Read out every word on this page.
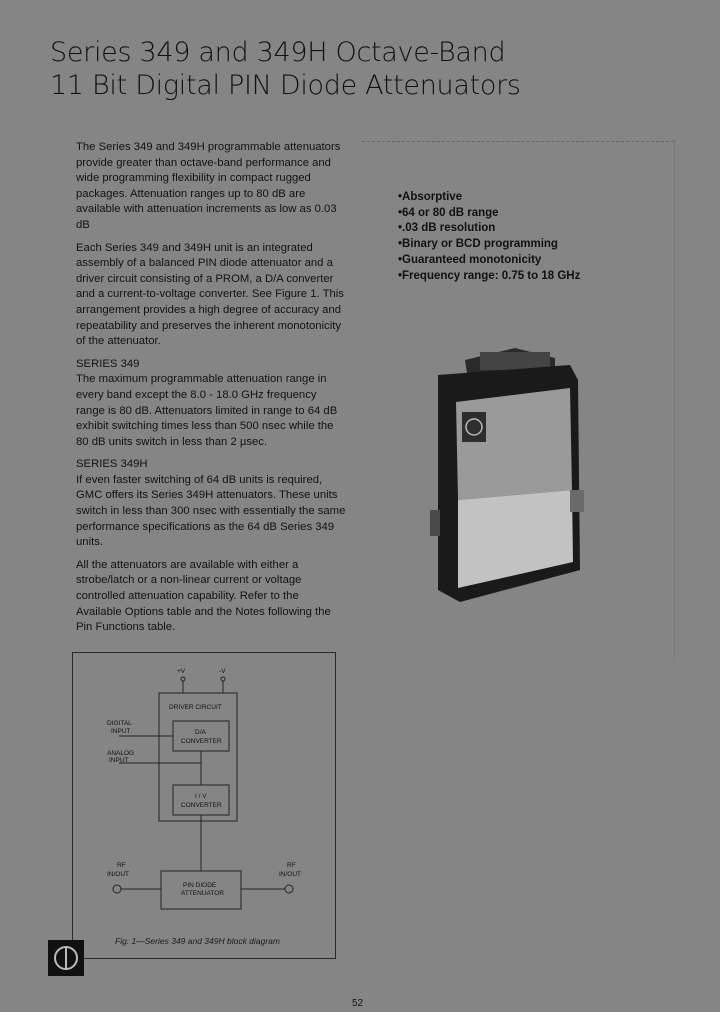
Series 349 and 349H Octave-Band
11 Bit Digital PIN Diode Attenuators

The Series 349 and 349H programmable attenuators provide greater than octave-band performance and wide programming flexibility in compact rugged packages. Attenuation ranges up to 80 dB are available with attenuation increments as low as 0.03 dB

Each Series 349 and 349H unit is an integrated assembly of a balanced PIN diode attenuator and a driver circuit consisting of a PROM, a D/A converter and a current-to-voltage converter. See Figure 1. This arrangement provides a high degree of accuracy and repeatability and preserves the inherent monotonicity of the attenuator.

SERIES 349

The maximum programmable attenuation range in every band except the 8.0 - 18.0 GHz frequency range is 80 dB. Attenuators limited in range to 64 dB exhibit switching times less than 500 nsec while the 80 dB units switch in less than 2 µsec.

SERIES 349H

If even faster switching of 64 dB units is required, GMC offers its Series 349H attenuators. These units switch in less than 300 nsec with essentially the same performance specifications as the 64 dB Series 349 units.

All the attenuators are available with either a strobe/latch or a non-linear current or voltage controlled attenuation capability. Refer to the Available Options table and the Notes following the Pin Functions table.

• Absorptive
• 64 or 80 dB range
• .03 dB resolution
• Binary or BCD programming
• Guaranteed monotonicity
• Frequency range: 0.75 to 18 GHz
+V	-V
DRIVER CIRCUIT
DIGITAL
INPUT
ANALOG
INPUT
D/A
CONVERTER
I / V
CONVERTER
PIN DIODE
ATTENUATOR
RF
IN/OUT
RF
IN/OUT
Fig. 1—Series 349 and 349H block diagram
52
